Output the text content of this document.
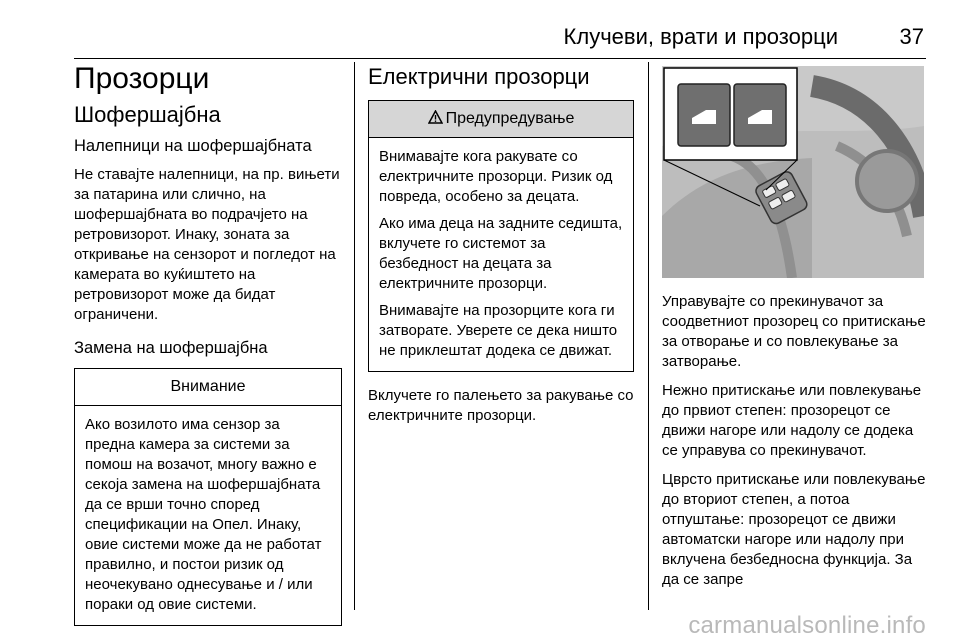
Клучеви, врати и прозорци	37
Прозорци
Шофершајбна
Налепници на шофершајбната

Не ставајте налепници, на пр. вињети за патарина или слично, на шофершајбната во подрачјето на ретровизорот. Инаку, зоната за откривање на сензорот и погледот на камерата во куќиштето на ретровизорот може да бидат ограничени.

Замена на шофершајбна
Внимание

Ако возилото има сензор за предна камера за системи за помош на возачот, многу важно е секоја замена на шофершајбната да се врши точно според спецификации на Опел. Инаку, овие системи може да не работат правилно, и постои ризик од неочекувано однесување и / или пораки од овие системи.

Електрични прозорци
Предупредување

Внимавајте кога ракувате со електричните прозорци. Ризик од повреда, особено за децата.

Ако има деца на задните седишта, вклучете го системот за безбедност на децата за електричните прозорци.

Внимавајте на прозорците кога ги затворате. Уверете се дека ништо не приклештат додека се движат.

Вклучете го палењето за ракување со електричните прозорци.

Управувајте со прекинувачот за соодветниот прозорец со притискање за отворање и со повлекување за затворање.

Нежно притискање или повлекување до првиот степен: прозорецот се движи нагоре или надолу се додека се управува со прекинувачот.

Цврсто притискање или повлекување до вториот степен, а потоа отпуштање: прозорецот се движи автоматски нагоре или надолу при вклучена безбедносна функција. За да се запре

carmanualsonline.info
